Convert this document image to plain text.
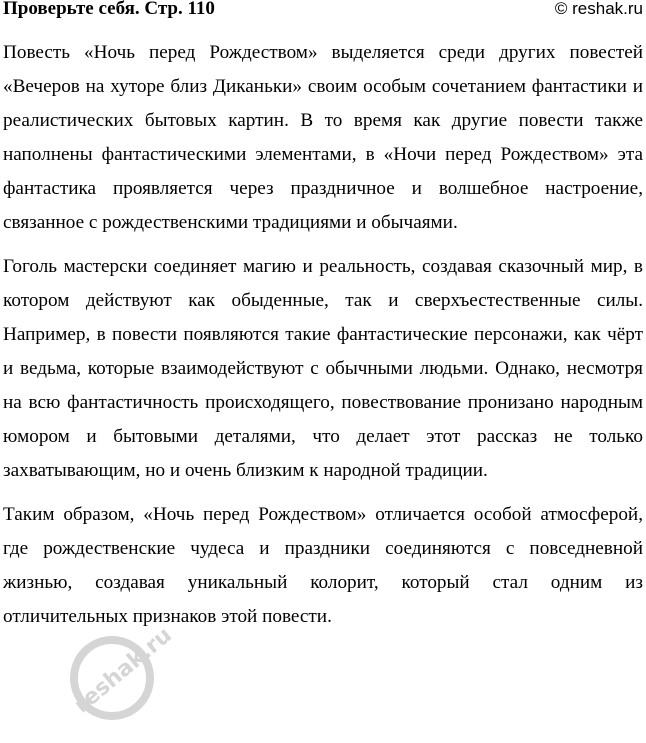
Проверьте себя. Стр. 110	© reshak.ru

Повесть «Ночь перед Рождеством» выделяется среди других повестей «Вечеров на хуторе близ Диканьки» своим особым сочетанием фантастики и реалистических бытовых картин. В то время как другие повести также наполнены фантастическими элементами, в «Ночи перед Рождеством» эта фантастика проявляется через праздничное и волшебное настроение, связанное с рождественскими традициями и обычаями.

Гоголь мастерски соединяет магию и реальность, создавая сказочный мир, в котором действуют как обыденные, так и сверхъестественные силы. Например, в повести появляются такие фантастические персонажи, как чёрт и ведьма, которые взаимодействуют с обычными людьми. Однако, несмотря на всю фантастичность происходящего, повествование пронизано народным юмором и бытовыми деталями, что делает этот рассказ не только захватывающим, но и очень близким к народной традиции.

Таким образом, «Ночь перед Рождеством» отличается особой атмосферой, где рождественские чудеса и праздники соединяются с повседневной жизнью, создавая уникальный колорит, который стал одним из отличительных признаков этой повести.

reshak.ru
